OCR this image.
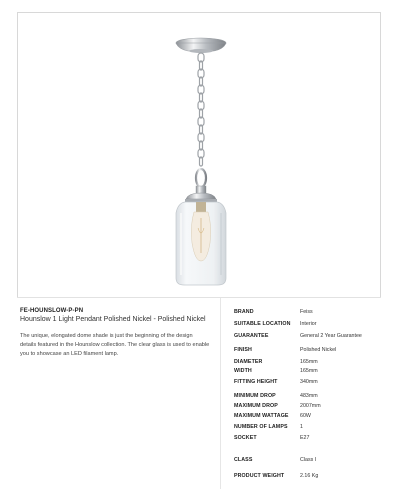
FE-HOUNSLOW-P-PN
Hounslow 1 Light Pendant Polished Nickel - Polished Nickel
The unique, elongated dome shade is just the beginning of the design details featured in the Hounslow collection. The clear glass is used to enable you to showcase an LED filament lamp.
BRAND	Feiss
SUITABLE LOCATION Interior
GUARANTEE	General 2 Year Guarantee
FINISH	Polished Nickel
DIAMETER	165mm
WIDTH	165mm
FITTING HEIGHT	340mm
MINIMUM DROP	483mm
MAXIMUM DROP	2007mm
MAXIMUM WATTAGE 60W
NUMBER OF LAMPS 1
SOCKET	E27
CLASS	Class I
PRODUCT WEIGHT	2.16 Kg
